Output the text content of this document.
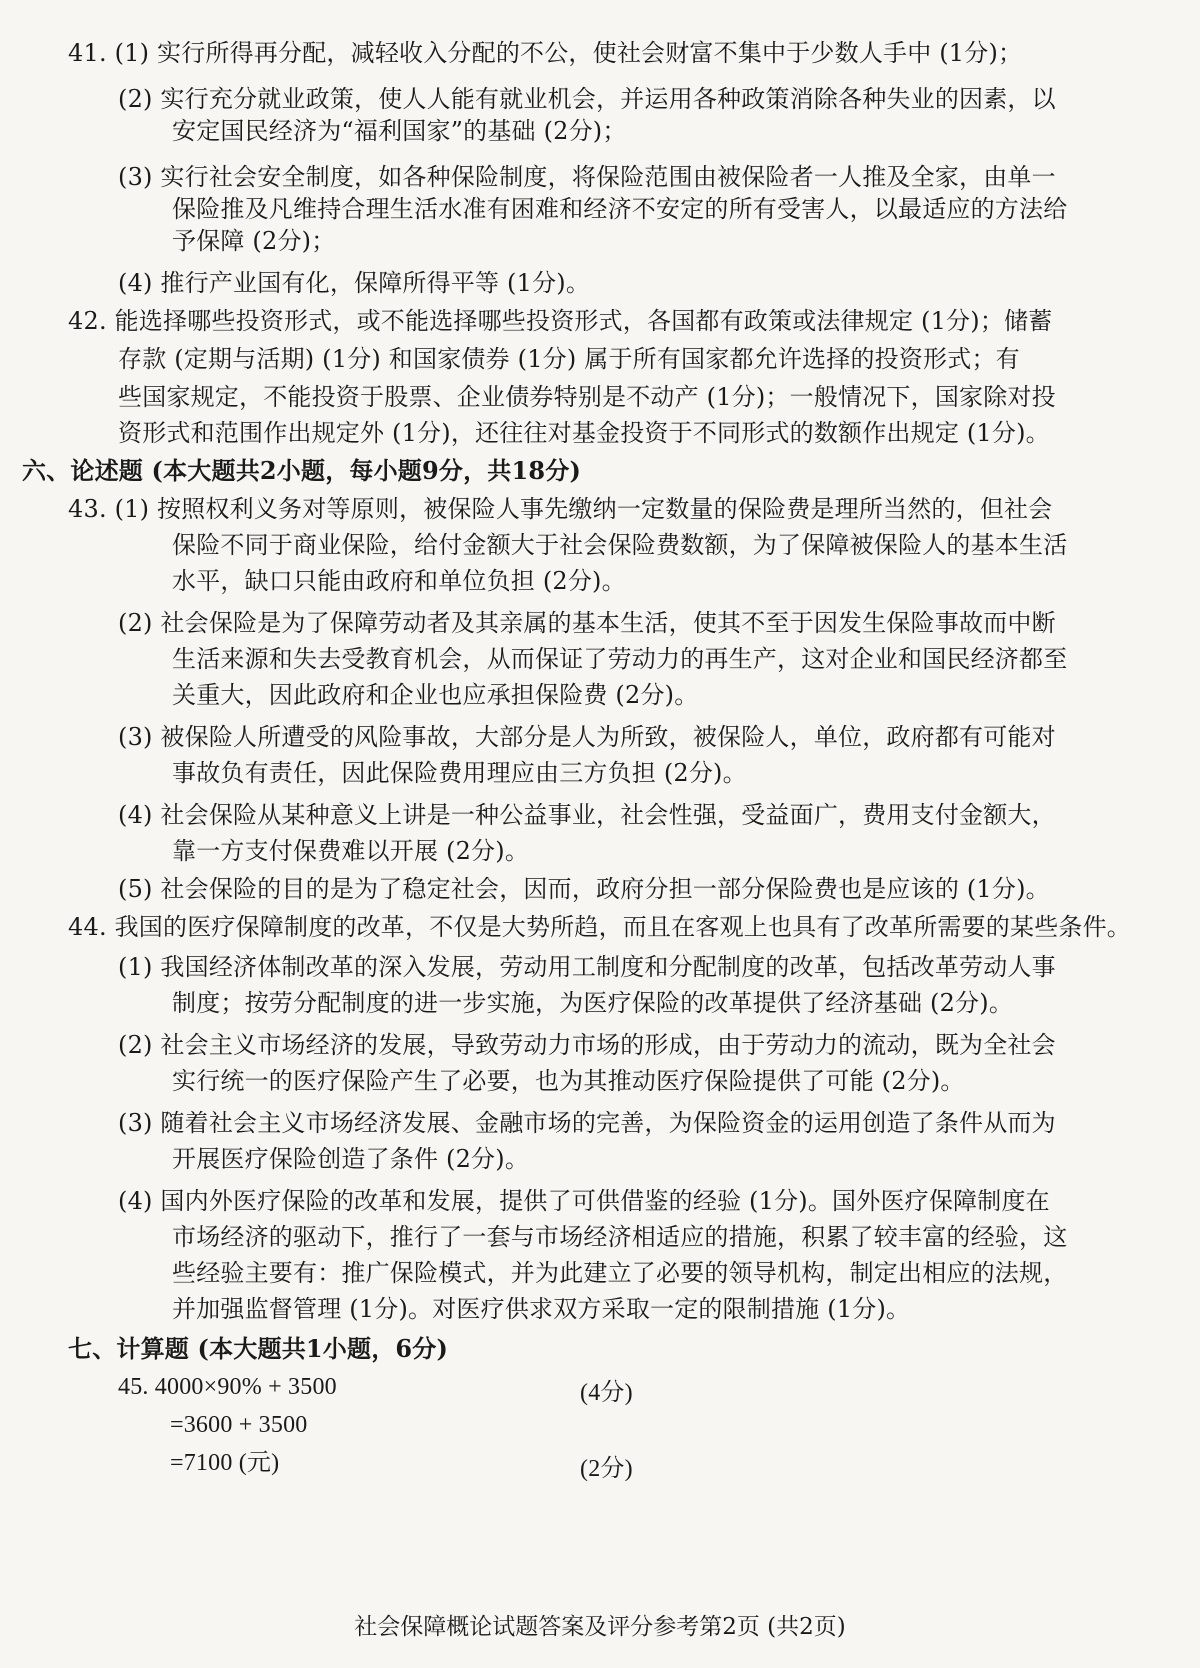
41. (1) 实行所得再分配，减轻收入分配的不公，使社会财富不集中于少数人手中 (1分)；
(2) 实行充分就业政策，使人人能有就业机会，并运用各种政策消除各种失业的因素，以
安定国民经济为“福利国家”的基础 (2分)；
(3) 实行社会安全制度，如各种保险制度，将保险范围由被保险者一人推及全家，由单一
保险推及凡维持合理生活水准有困难和经济不安定的所有受害人，以最适应的方法给
予保障 (2分)；
(4) 推行产业国有化，保障所得平等 (1分)。
42. 能选择哪些投资形式，或不能选择哪些投资形式，各国都有政策或法律规定 (1分)；储蓄
存款 (定期与活期) (1分) 和国家债券 (1分) 属于所有国家都允许选择的投资形式；有
些国家规定，不能投资于股票、企业债券特别是不动产 (1分)；一般情况下，国家除对投
资形式和范围作出规定外 (1分)，还往往对基金投资于不同形式的数额作出规定 (1分)。
六、论述题 (本大题共2小题，每小题9分，共18分)
43. (1) 按照权利义务对等原则，被保险人事先缴纳一定数量的保险费是理所当然的，但社会
保险不同于商业保险，给付金额大于社会保险费数额，为了保障被保险人的基本生活
水平，缺口只能由政府和单位负担 (2分)。
(2) 社会保险是为了保障劳动者及其亲属的基本生活，使其不至于因发生保险事故而中断
生活来源和失去受教育机会，从而保证了劳动力的再生产，这对企业和国民经济都至
关重大，因此政府和企业也应承担保险费 (2分)。
(3) 被保险人所遭受的风险事故，大部分是人为所致，被保险人，单位，政府都有可能对
事故负有责任，因此保险费用理应由三方负担 (2分)。
(4) 社会保险从某种意义上讲是一种公益事业，社会性强，受益面广，费用支付金额大，
靠一方支付保费难以开展 (2分)。
(5) 社会保险的目的是为了稳定社会，因而，政府分担一部分保险费也是应该的 (1分)。
44. 我国的医疗保障制度的改革，不仅是大势所趋，而且在客观上也具有了改革所需要的某些条件。
(1) 我国经济体制改革的深入发展，劳动用工制度和分配制度的改革，包括改革劳动人事
制度；按劳分配制度的进一步实施，为医疗保险的改革提供了经济基础 (2分)。
(2) 社会主义市场经济的发展，导致劳动力市场的形成，由于劳动力的流动，既为全社会
实行统一的医疗保险产生了必要，也为其推动医疗保险提供了可能 (2分)。
(3) 随着社会主义市场经济发展、金融市场的完善，为保险资金的运用创造了条件从而为
开展医疗保险创造了条件 (2分)。
(4) 国内外医疗保险的改革和发展，提供了可供借鉴的经验 (1分)。国外医疗保障制度在
市场经济的驱动下，推行了一套与市场经济相适应的措施，积累了较丰富的经验，这
些经验主要有：推广保险模式，并为此建立了必要的领导机构，制定出相应的法规，
并加强监督管理 (1分)。对医疗供求双方采取一定的限制措施 (1分)。
七、计算题 (本大题共1小题，6分)
45. 4000×90% + 3500	(4分)
=3600 + 3500
=7100 (元)	(2分)
社会保障概论试题答案及评分参考第2页 (共2页)
